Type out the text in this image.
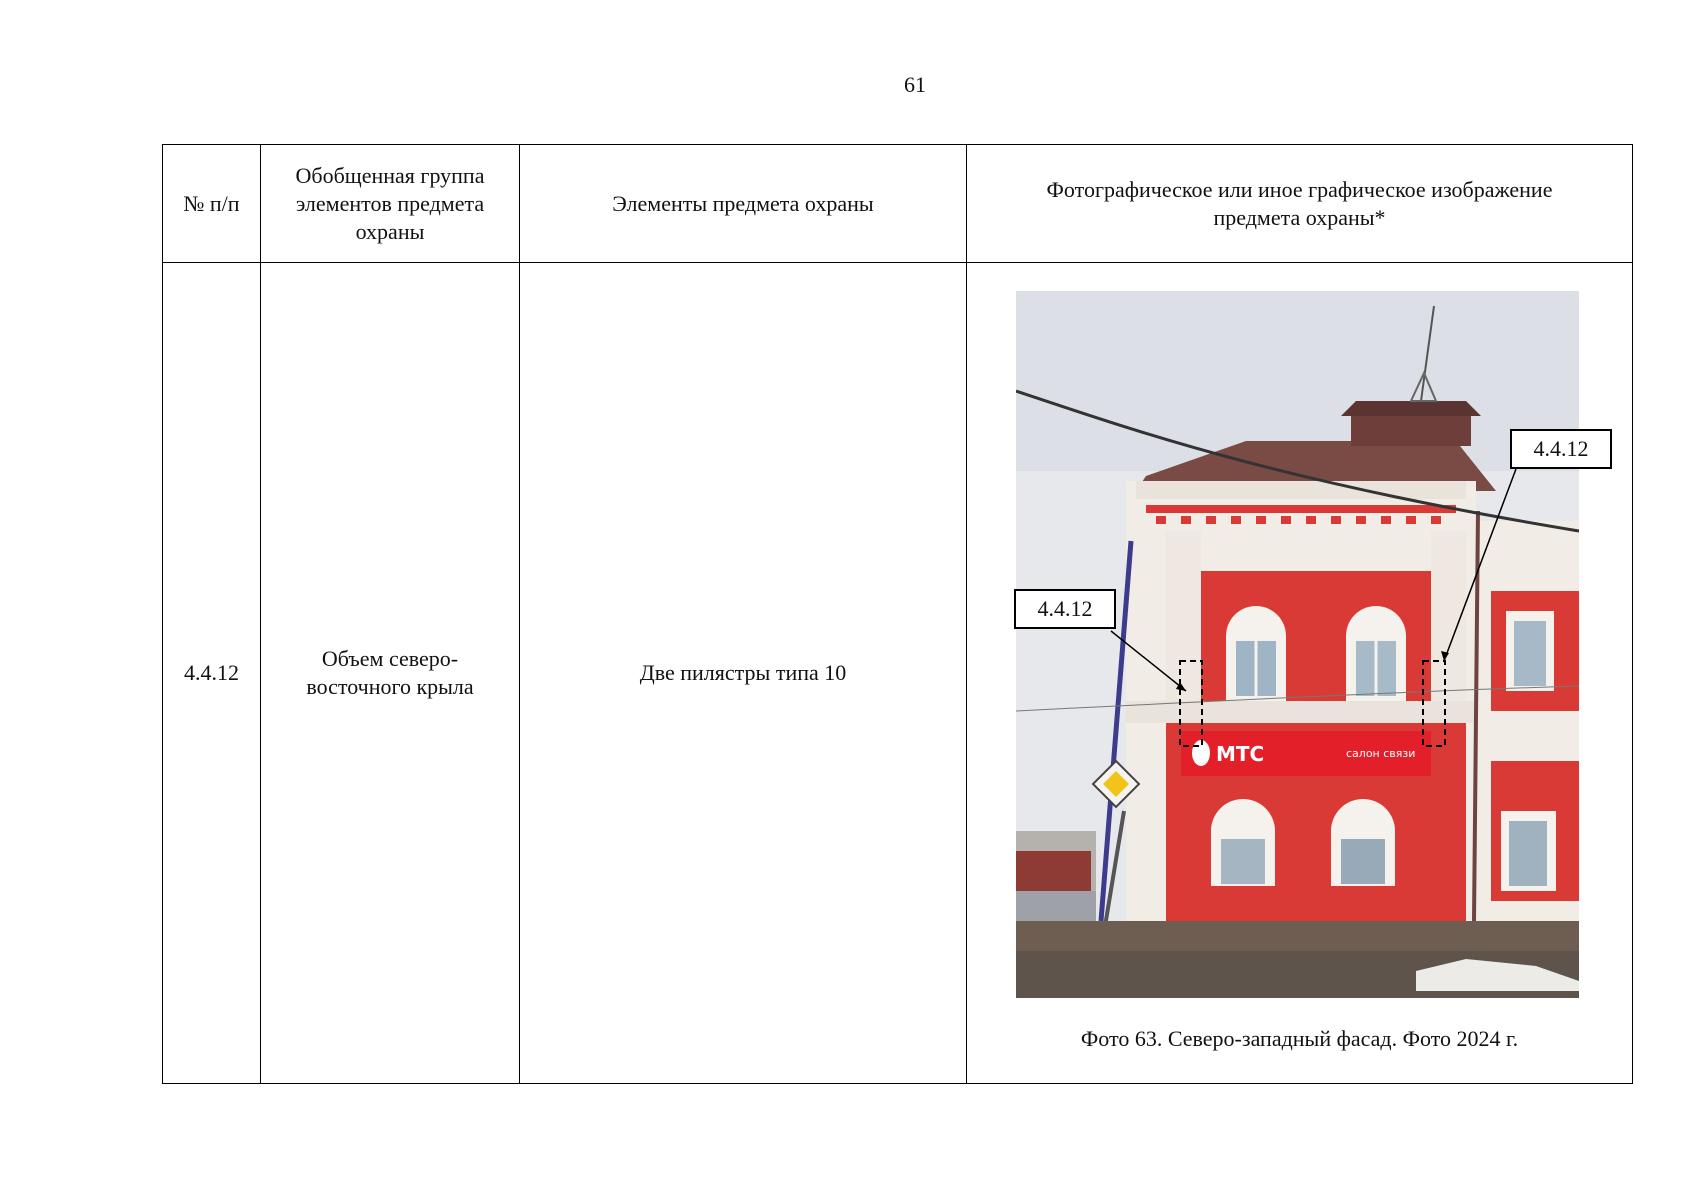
61
№ п/п	Обобщенная группа элементов предмета охраны	Элементы предмета охраны	Фотографическое или иное графическое изображение предмета охраны*
4.4.12	Объем северо-восточного крыла	Две пилястры типа 10	МТС салон связи
4.4.12
4.4.12
Фото 63. Северо-западный фасад. Фото 2024 г.
